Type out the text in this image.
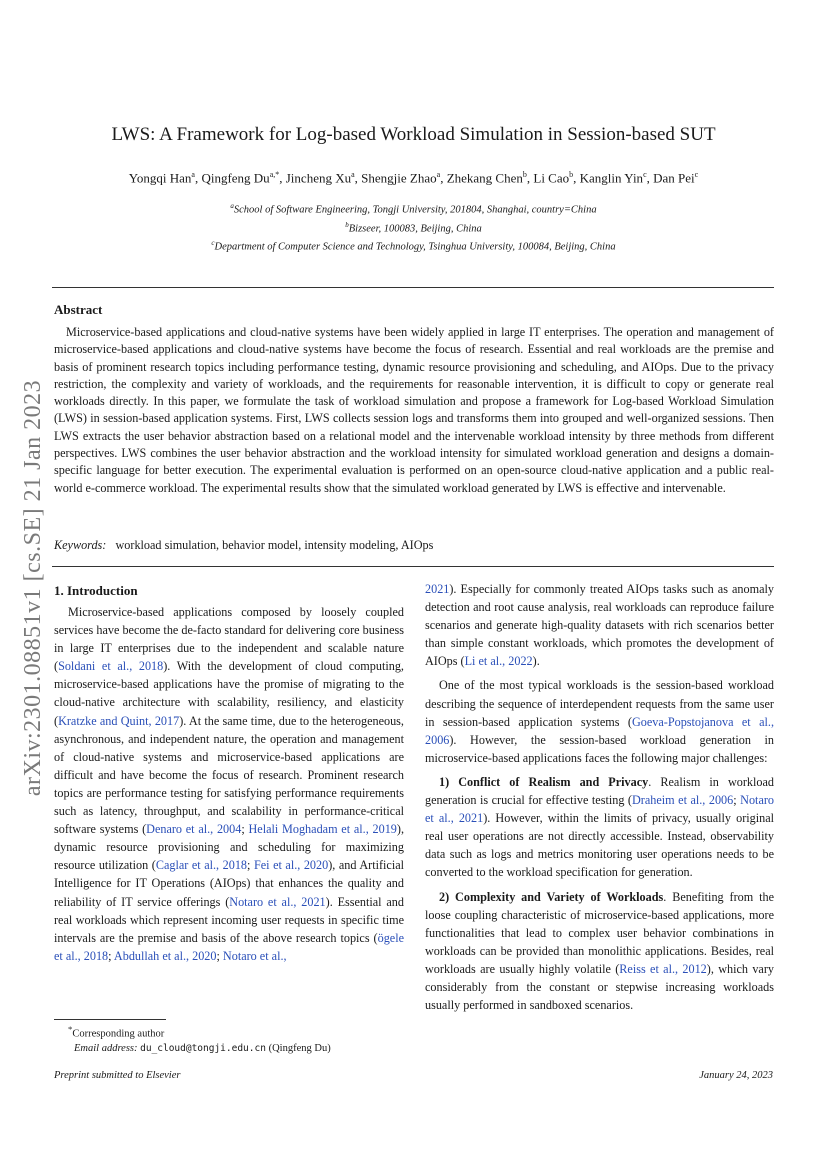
arXiv:2301.08851v1 [cs.SE] 21 Jan 2023
LWS: A Framework for Log-based Workload Simulation in Session-based SUT
Yongqi Han$^a$, Qingfeng $Du^{a,*}$, Jincheng Xu$^a$, Shengjie Zhao$^a$, Zhekang Chen$^b$, Li Cao$^b$, Kanglin Yin$^c$, Dan Pei$^c$
$^a$School of Software Engineering, Tongji University, 201804, Shanghai, country=China
$^b$Bizseer, 100083, Beijing, China
$^c$Department of Computer Science and Technology, Tsinghua University, 100084, Beijing, China
Abstract

Microservice-based applications and cloud-native systems have been widely applied in large IT enterprises. The operation and management of microservice-based applications and cloud-native systems have become the focus of research. Essential and real workloads are the premise and basis of prominent research topics including performance testing, dynamic resource provisioning and scheduling, and AIOps. Due to the privacy restriction, the complexity and variety of workloads, and the requirements for reasonable intervention, it is difficult to copy or generate real workloads directly. In this paper, we formulate the task of workload simulation and propose a framework for Log-based Workload Simulation (LWS) in session-based application systems. First, LWS collects session logs and transforms them into grouped and well-organized sessions. Then LWS extracts the user behavior abstraction based on a relational model and the intervenable workload intensity by three methods from different perspectives. LWS combines the user behavior abstraction and the workload intensity for simulated workload generation and designs a domain-specific language for better execution. The experimental evaluation is performed on an open-source cloud-native application and a public real-world e-commerce workload. The experimental results show that the simulated workload generated by LWS is effective and intervenable.

Keywords: workload simulation, behavior model, intensity modeling, AIOps
1. Introduction

Microservice-based applications composed by loosely coupled services have become the de-facto standard for delivering core business in large IT enterprises due to the independent and scalable nature (Soldani et al., 2018). With the development of cloud computing, microservice-based applications have the promise of migrating to the cloud-native architecture with scalability, resiliency, and elasticity (Kratzke and Quint, 2017). At the same time, due to the heterogeneous, asynchronous, and independent nature, the operation and management of cloud-native systems and microservice-based applications are difficult and have become the focus of research. Prominent research topics are performance testing for satisfying performance requirements such as latency, throughput, and scalability in performance-critical software systems (Denaro et al., 2004; Helali Moghadam et al., 2019), dynamic resource provisioning and scheduling for maximizing resource utilization (Caglar et al., 2018; Fei et al., 2020), and Artificial Intelligence for IT Operations (AIOps) that enhances the quality and reliability of IT service offerings (Notaro et al., 2021). Essential and real workloads which represent incoming user requests in specific time intervals are the premise and basis of the above research topics (ögele et al., 2018; Abdullah et al., 2020; Notaro et al.,

2021). Especially for commonly treated AIOps tasks such as anomaly detection and root cause analysis, real workloads can reproduce failure scenarios and generate high-quality datasets with rich scenarios better than simple constant workloads, which promotes the development of AIOps (Li et al., 2022).

One of the most typical workloads is the session-based workload describing the sequence of interdependent requests from the same user in session-based application systems (Goeva-Popstojanova et al., 2006). However, the session-based workload generation in microservice-based applications faces the following major challenges:

1) Conflict of Realism and Privacy. Realism in workload generation is crucial for effective testing (Draheim et al., 2006; Notaro et al., 2021). However, within the limits of privacy, usually original real user operations are not directly accessible. Instead, observability data such as logs and metrics monitoring user operations needs to be converted to the workload specification for generation.

2) Complexity and Variety of Workloads. Benefiting from the loose coupling characteristic of microservice-based applications, more functionalities that lead to complex user behavior combinations in workloads can be provided than monolithic applications. Besides, real workloads are usually highly volatile (Reiss et al., 2012), which vary considerably from the constant or stepwise increasing workloads usually performed in sandboxed scenarios.

*Corresponding author
Email address: du_cloud@tongji.edu.cn (Qingfeng Du)
Preprint submitted to Elsevier	January 24, 2023
